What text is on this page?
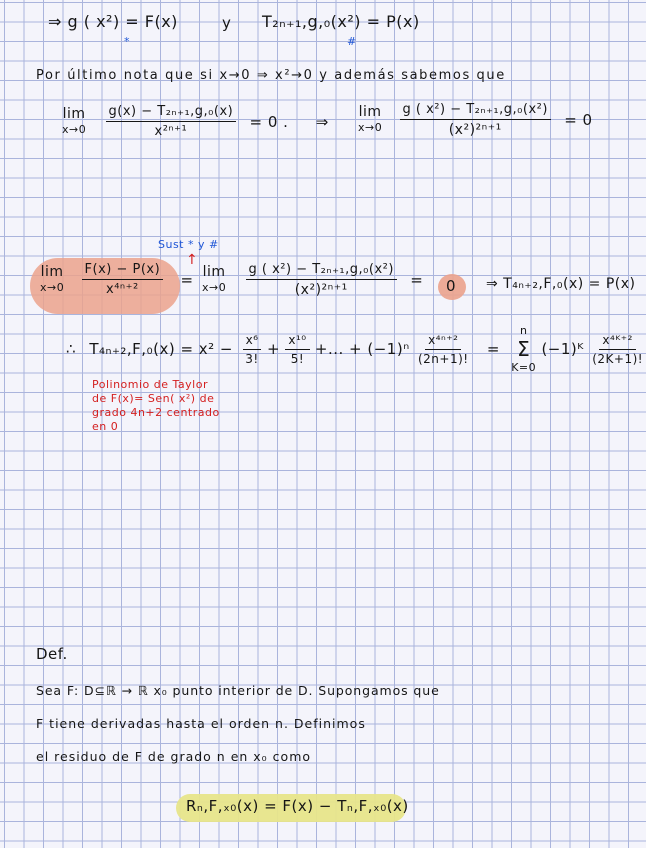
⇒ g ( x²) = F(x)
*
y T₂ₙ₊₁,g,₀(x²) = P(x)
#
Por último nota que si x→0 ⇒ x²→0 y además sabemos que
lim
x→0
$\frac{\text{g(x) − T₂ₙ₊₁,g,₀(x)}}{\text{x²ⁿ⁺¹}} = 0$ . ⇒
lim
x→0
$\frac{\text{g ( x²) − T₂ₙ₊₁,g,₀(x²)}}{\text{(x²)²ⁿ⁺¹}} = 0$
Sust * y #
↑
lim
x→0
$\frac{F(x) - P(x)}{\text{x⁴ⁿ⁺²}} = \lim$
x→0
$\frac{\text{g ( x²) − T₂ₙ₊₁,g,₀(x²)}}{\text{(x²)²ⁿ⁺¹}} = 0$ ⇒ T₄ₙ₊₂,F,₀(x) = P(x)
∴ $T_{4n+2},F,_0(x) = x^2 - \frac{\text{x⁶}}{3!} + \frac{\text{x¹⁰}}{5!}$ +... + $(-1)^n \frac{\text{x⁴ⁿ⁺²}}{(2n+1)!}$ =
n
Σ
K=0
(−1)ᴷ $\frac{\text{x⁴ᴷ⁺²}}{(2K+1)!}$
Polinomio de Taylor
de F(x)= Sen( x²) de
grado 4n+2 centrado
en 0
Def.
Sea F: D⊆ℝ → ℝ x₀ punto interior de D. Supongamos que
F tiene derivadas hasta el orden n. Definimos
el residuo de F de grado n en x₀ como
Rₙ,F,ₓ₀(x) = F(x) − Tₙ,F,ₓ₀(x)
